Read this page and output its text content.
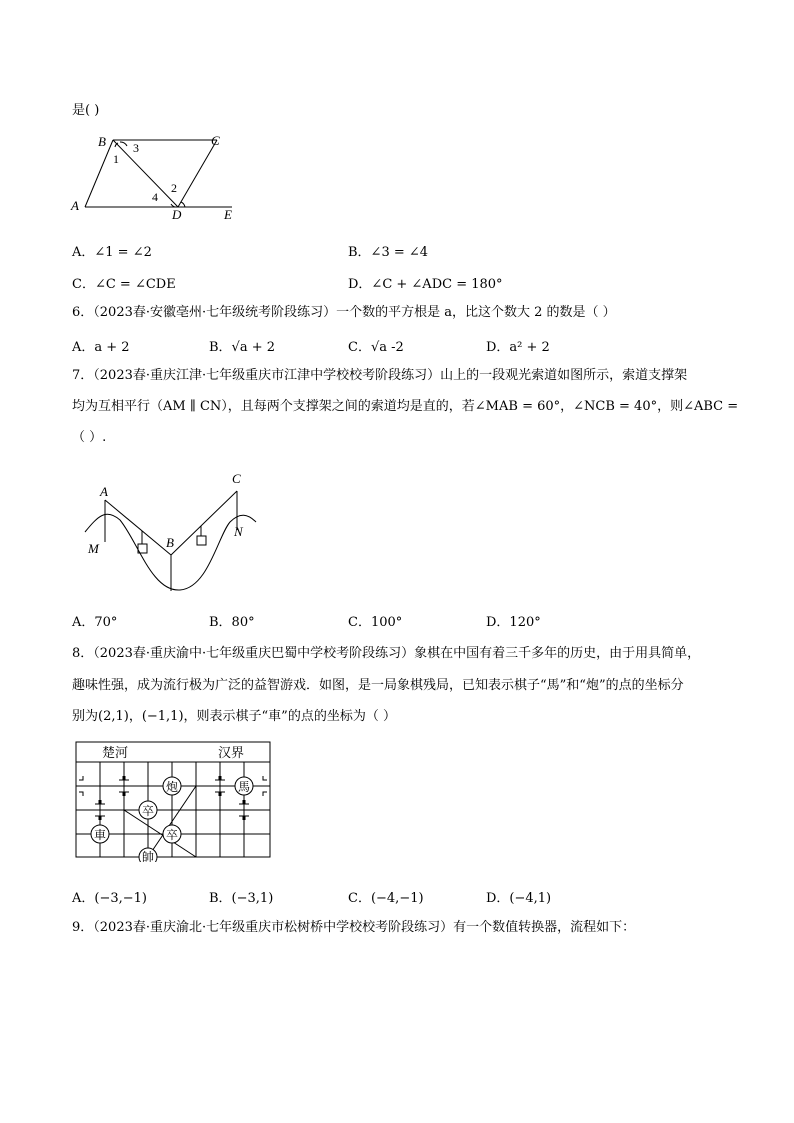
是( )
B	C
A
D	E
1
3
4
2
A．∠1 = ∠2	B．∠3 = ∠4
C．∠C = ∠CDE	D．∠C + ∠ADC = 180°
6．（2023春·安徽亳州·七年级统考阶段练习）一个数的平方根是 a，比这个数大 2 的数是（ ）
A．a + 2	B．√a + 2	C．√a -2	D．a² + 2
7．（2023春·重庆江津·七年级重庆市江津中学校校考阶段练习）山上的一段观光索道如图所示，索道支撑架
均为互相平行（AM ∥ CN），且每两个支撑架之间的索道均是直的，若∠MAB = 60°，∠NCB = 40°，则∠ABC =
（ ）.
A
C
B
M
N
A．70°	B．80°	C．100°	D．120°
8．（2023春·重庆渝中·七年级重庆巴蜀中学校考阶段练习）象棋在中国有着三千多年的历史，由于用具简单，
趣味性强，成为流行极为广泛的益智游戏．如图，是一局象棋残局，已知表示棋子“馬”和“炮”的点的坐标分
别为(2,1)，(−1,1)，则表示棋子“車”的点的坐标为（ ）
楚河	汉界
炮	馬
卒
卒
車
帥
A．(−3,−1)	B．(−3,1)	C．(−4,−1)	D．(−4,1)
9．（2023春·重庆渝北·七年级重庆市松树桥中学校校考阶段练习）有一个数值转换器，流程如下：
